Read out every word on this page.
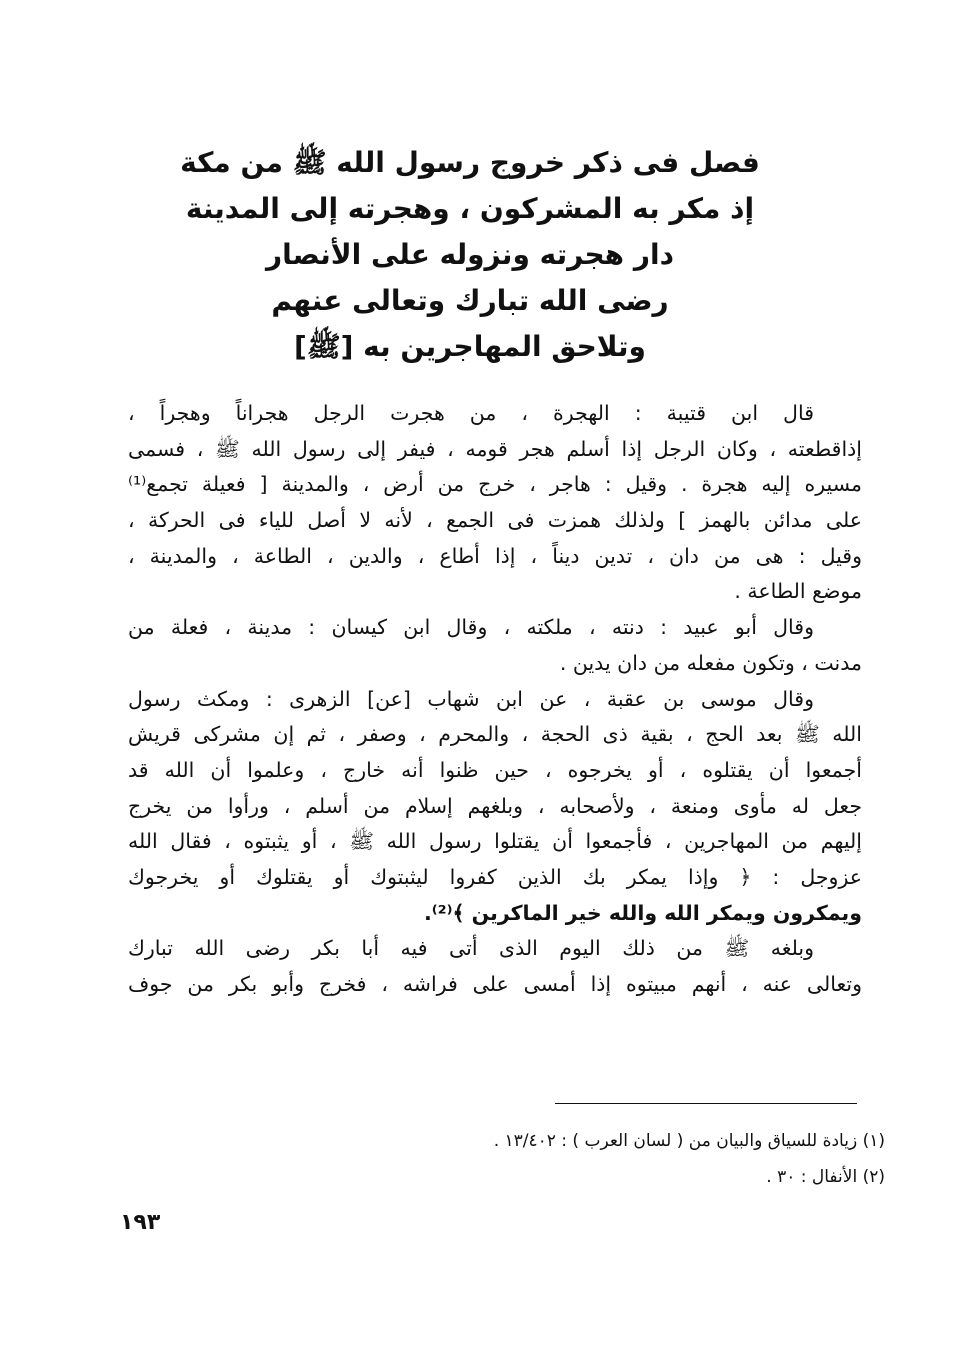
فصل فى ذكر خروج رسول الله ﷺ من مكة
إذ مكر به المشركون ، وهجرته إلى المدينة
دار هجرته ونزوله على الأنصار
رضى الله تبارك وتعالى عنهم
وتلاحق المهاجرين به [ﷺ]
قال ابن قتيبة : الهجرة ، من هجرت الرجل هجراناً وهجراً ،
إذاقطعته ، وكان الرجل إذا أسلم هجر قومه ، فيفر إلى رسول الله ﷺ ، فسمى
مسيره إليه هجرة . وقيل : هاجر ، خرج من أرض ، والمدينة [ فعيلة تجمع⁽¹⁾
على مدائن بالهمز ] ولذلك همزت فى الجمع ، لأنه لا أصل للياء فى الحركة ،
وقيل : هى من دان ، تدين ديناً ، إذا أطاع ، والدين ، الطاعة ، والمدينة ،
موضع الطاعة .
وقال أبو عبيد : دنته ، ملكته ، وقال ابن كيسان : مدينة ، فعلة من
مدنت ، وتكون مفعله من دان يدين .
وقال موسى بن عقبة ، عن ابن شهاب [عن] الزهرى : ومكث رسول
الله ﷺ بعد الحج ، بقية ذى الحجة ، والمحرم ، وصفر ، ثم إن مشركى قريش
أجمعوا أن يقتلوه ، أو يخرجوه ، حين ظنوا أنه خارج ، وعلموا أن الله قد
جعل له مأوى ومنعة ، ولأصحابه ، وبلغهم إسلام من أسلم ، ورأوا من يخرج
إليهم من المهاجرين ، فأجمعوا أن يقتلوا رسول الله ﷺ ، أو يثبتوه ، فقال الله
عزوجل : ﴿ وإذا يمكر بك الذين كفروا ليثبتوك أو يقتلوك أو يخرجوك
ويمكرون ويمكر الله والله خير الماكرين ﴾⁽²⁾.
وبلغه ﷺ من ذلك اليوم الذى أتى فيه أبا بكر رضى الله تبارك
وتعالى عنه ، أنهم مبيتوه إذا أمسى على فراشه ، فخرج وأبو بكر من جوف
(١) زيادة للسياق والبيان من ( لسان العرب ) : ١٣/٤٠٢ .
(٢) الأنفال : ٣٠ .
١٩٣
